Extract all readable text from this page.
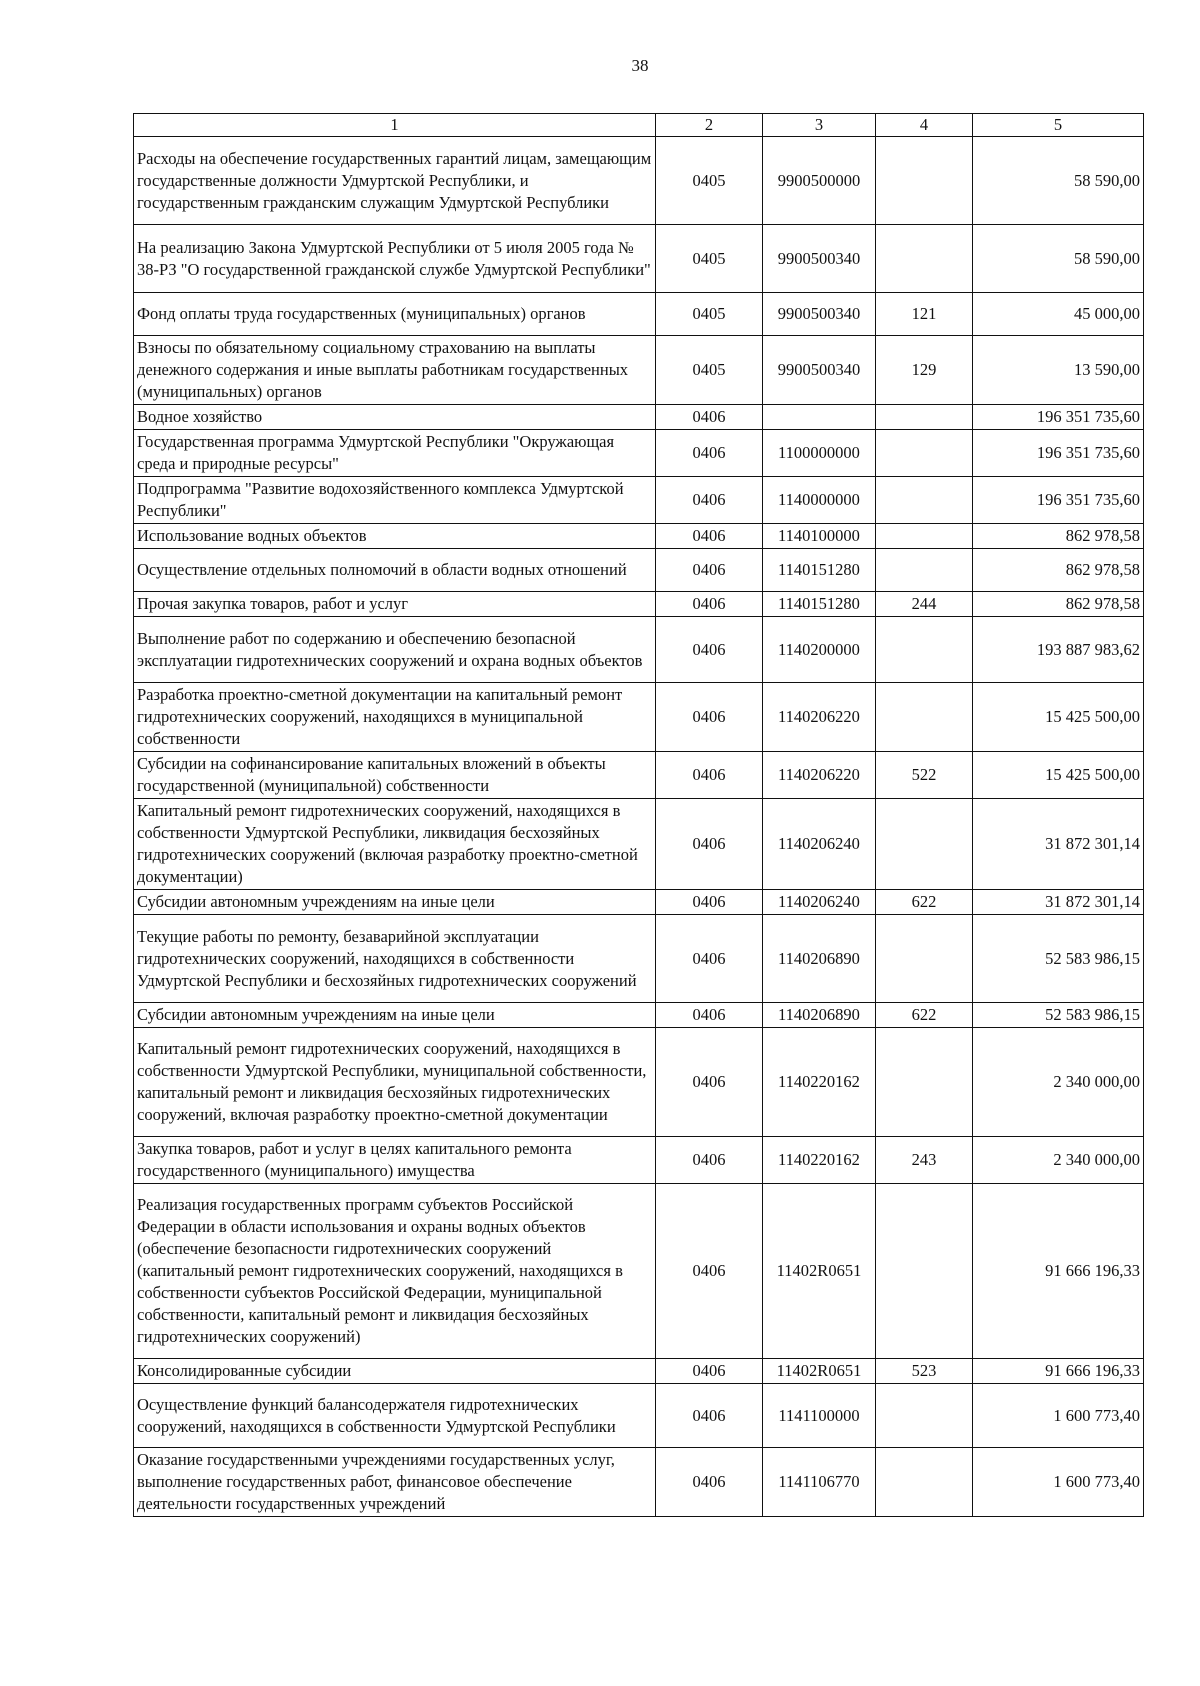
38
1	2	3	4	5
Расходы на обеспечение государственных гарантий лицам, замещающим государственные должности Удмуртской Республики, и государственным гражданским служащим Удмуртской Республики	0405	9900500000		58 590,00
На реализацию Закона Удмуртской Республики от 5 июля 2005 года № 38-РЗ "О государственной гражданской службе Удмуртской Республики"	0405	9900500340		58 590,00
Фонд оплаты труда государственных (муниципальных) органов	0405	9900500340	121	45 000,00
Взносы по обязательному социальному страхованию на выплаты денежного содержания и иные выплаты работникам государственных (муниципальных) органов	0405	9900500340	129	13 590,00
Водное хозяйство	0406			196 351 735,60
Государственная программа Удмуртской Республики "Окружающая среда и природные ресурсы"	0406	1100000000		196 351 735,60
Подпрограмма "Развитие водохозяйственного комплекса Удмуртской Республики"	0406	1140000000		196 351 735,60
Использование водных объектов	0406	1140100000		862 978,58
Осуществление отдельных полномочий в области водных отношений	0406	1140151280		862 978,58
Прочая закупка товаров, работ и услуг	0406	1140151280	244	862 978,58
Выполнение работ по содержанию и обеспечению безопасной эксплуатации гидротехнических сооружений и охрана водных объектов	0406	1140200000		193 887 983,62
Разработка проектно-сметной документации на капитальный ремонт гидротехнических сооружений, находящихся в муниципальной собственности	0406	1140206220		15 425 500,00
Субсидии на софинансирование капитальных вложений в объекты государственной (муниципальной) собственности	0406	1140206220	522	15 425 500,00
Капитальный ремонт гидротехнических сооружений, находящихся в собственности Удмуртской Республики, ликвидация бесхозяйных гидротехнических сооружений (включая разработку проектно-сметной документации)	0406	1140206240		31 872 301,14
Субсидии автономным учреждениям на иные цели	0406	1140206240	622	31 872 301,14
Текущие работы по ремонту, безаварийной эксплуатации гидротехнических сооружений, находящихся в собственности Удмуртской Республики и бесхозяйных гидротехнических сооружений	0406	1140206890		52 583 986,15
Субсидии автономным учреждениям на иные цели	0406	1140206890	622	52 583 986,15
Капитальный ремонт гидротехнических сооружений, находящихся в собственности Удмуртской Республики, муниципальной собственности, капитальный ремонт и ликвидация бесхозяйных гидротехнических сооружений, включая разработку проектно-сметной документации	0406	1140220162		2 340 000,00
Закупка товаров, работ и услуг в целях капитального ремонта государственного (муниципального) имущества	0406	1140220162	243	2 340 000,00
Реализация государственных программ субъектов Российской Федерации в области использования и охраны водных объектов (обеспечение безопасности гидротехнических сооружений (капитальный ремонт гидротехнических сооружений, находящихся в собственности субъектов Российской Федерации, муниципальной собственности, капитальный ремонт и ликвидация бесхозяйных гидротехнических сооружений)	0406	11402R0651		91 666 196,33
Консолидированные субсидии	0406	11402R0651	523	91 666 196,33
Осуществление функций балансодержателя гидротехнических сооружений, находящихся в собственности Удмуртской Республики	0406	1141100000		1 600 773,40
Оказание государственными учреждениями государственных услуг, выполнение государственных работ, финансовое обеспечение деятельности государственных учреждений	0406	1141106770		1 600 773,40
